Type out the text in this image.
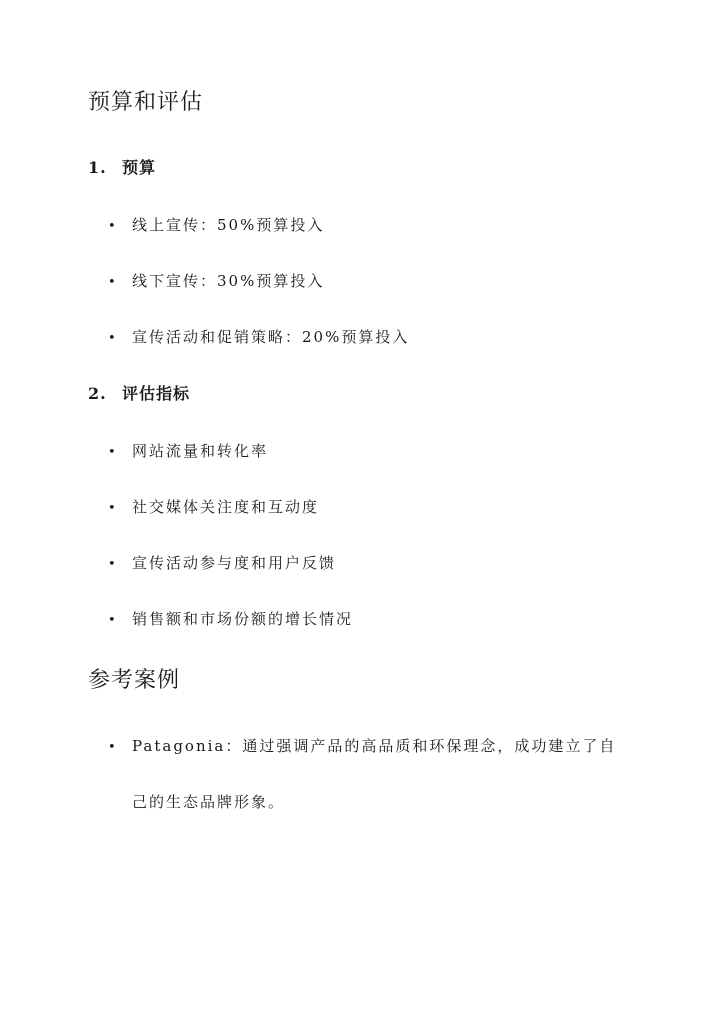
预算和评估
1. 预算
• 线上宣传：50%预算投入
• 线下宣传：30%预算投入
• 宣传活动和促销策略：20%预算投入
2. 评估指标
• 网站流量和转化率
• 社交媒体关注度和互动度
• 宣传活动参与度和用户反馈
• 销售额和市场份额的增长情况
参考案例
• Patagonia：通过强调产品的高品质和环保理念，成功建立了自己的生态品牌形象。
